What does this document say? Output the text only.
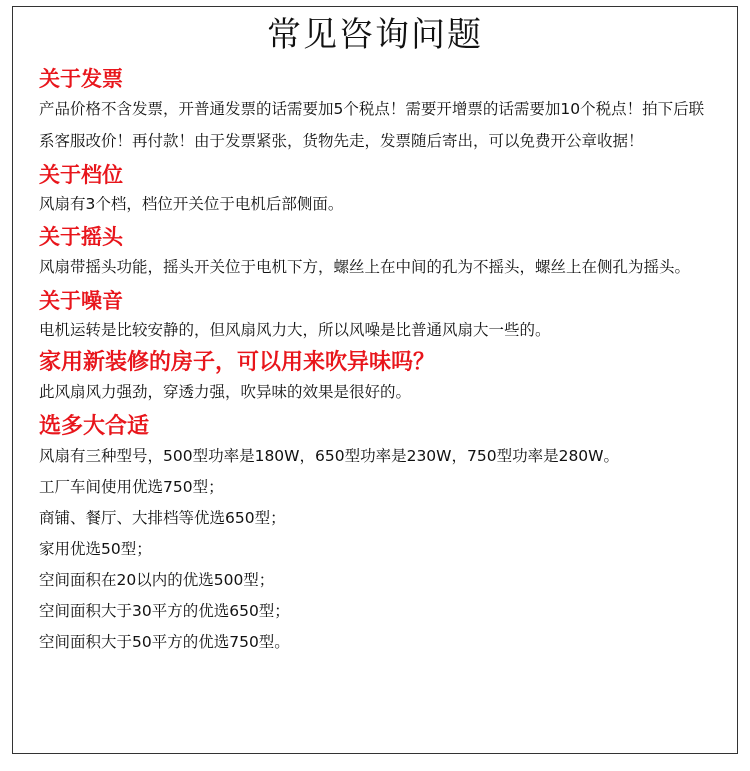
常见咨询问题
关于发票
产品价格不含发票，开普通发票的话需要加5个税点！需要开增票的话需要加10个税点！拍下后联系客服改价！再付款！由于发票紧张，货物先走，发票随后寄出，可以免费开公章收据！
关于档位
风扇有3个档，档位开关位于电机后部侧面。
关于摇头
风扇带摇头功能，摇头开关位于电机下方，螺丝上在中间的孔为不摇头，螺丝上在侧孔为摇头。
关于噪音
电机运转是比较安静的，但风扇风力大，所以风噪是比普通风扇大一些的。
家用新装修的房子，可以用来吹异味吗？
此风扇风力强劲，穿透力强，吹异味的效果是很好的。
选多大合适
风扇有三种型号，500型功率是180W，650型功率是230W，750型功率是280W。
工厂车间使用优选750型；
商铺、餐厅、大排档等优选650型；
家用优选50型；
空间面积在20以内的优选500型；
空间面积大于30平方的优选650型；
空间面积大于50平方的优选750型。
